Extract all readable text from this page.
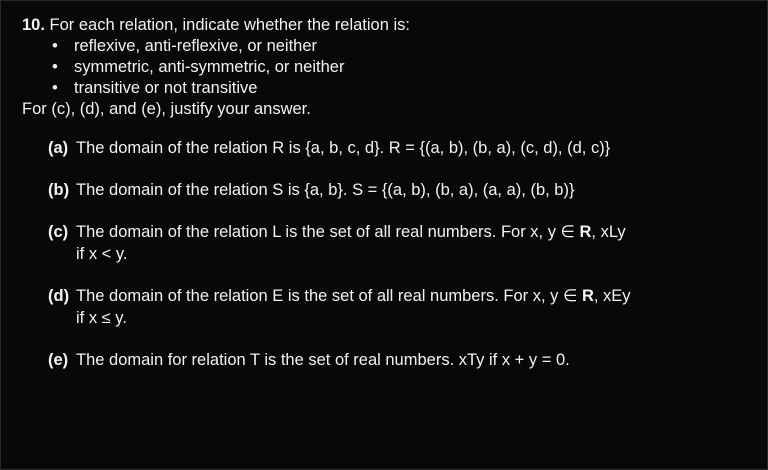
10. For each relation, indicate whether the relation is:

• reflexive, anti-reflexive, or neither
• symmetric, anti-symmetric, or neither
• transitive or not transitive

For (c), (d), and (e), justify your answer.

(a) The domain of the relation R is {a, b, c, d}. R = {(a, b), (b, a), (c, d), (d, c)}
(b) The domain of the relation S is {a, b}. S = {(a, b), (b, a), (a, a), (b, b)}
(c) The domain of the relation L is the set of all real numbers. For x, y ∈ R, xLy
if x < y.
(d) The domain of the relation E is the set of all real numbers. For x, y ∈ R, xEy
if x ≤ y.
(e) The domain for relation T is the set of real numbers. xTy if x + y = 0.
